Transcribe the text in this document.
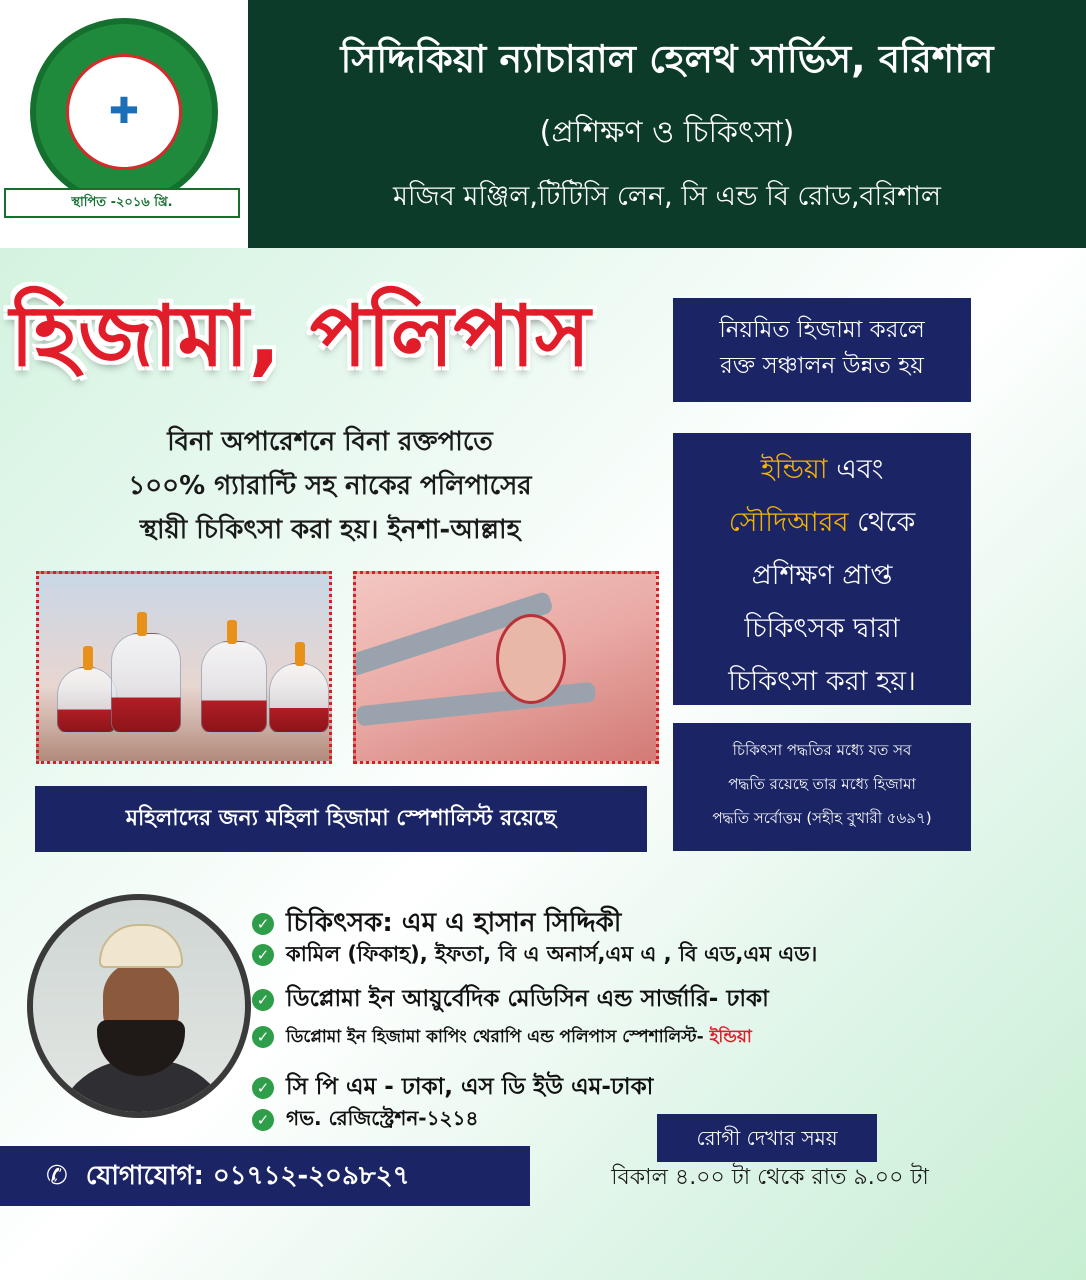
✚
স্থাপিত -২০১৬ খ্রি.
সিদ্দিকিয়া ন্যাচারাল হেলথ সার্ভিস, বরিশাল
(প্রশিক্ষণ ও চিকিৎসা)
মজিব মঞ্জিল,টিটিসি লেন, সি এন্ড বি রোড,বরিশাল
হিজামা, পলিপাস
বিনা অপারেশনে বিনা রক্তপাতে
১০০% গ্যারান্টি সহ নাকের পলিপাসের
স্থায়ী চিকিৎসা করা হয়। ইনশা-আল্লাহ
মহিলাদের জন্য মহিলা হিজামা স্পেশালিস্ট রয়েছে
নিয়মিত হিজামা করলে
রক্ত সঞ্চালন উন্নত হয়
ইন্ডিয়া এবং
সৌদিআরব থেকে
প্রশিক্ষণ প্রাপ্ত
চিকিৎসক দ্বারা
চিকিৎসা করা হয়।
চিকিৎসা পদ্ধতির মধ্যে যত সব
পদ্ধতি রয়েছে তার মধ্যে হিজামা
পদ্ধতি সর্বোত্তম (সহীহ বুখারী ৫৬৯৭)
✓ চিকিৎসক: এম এ হাসান সিদ্দিকী
✓ কামিল (ফিকাহ), ইফতা, বি এ অনার্স,এম এ , বি এড,এম এড।
✓ ডিপ্লোমা ইন আয়ুর্বেদিক মেডিসিন এন্ড সার্জারি- ঢাকা
✓ ডিপ্লোমা ইন হিজামা কাপিং থেরাপি এন্ড পলিপাস স্পেশালিস্ট- ইন্ডিয়া
✓ সি পি এম - ঢাকা, এস ডি ইউ এম-ঢাকা
✓ গভ. রেজিস্ট্রেশন-১২১৪
✆ যোগাযোগ: ০১৭১২-২০৯৮২৭
রোগী দেখার সময়
বিকাল ৪.০০ টা থেকে রাত ৯.০০ টা
